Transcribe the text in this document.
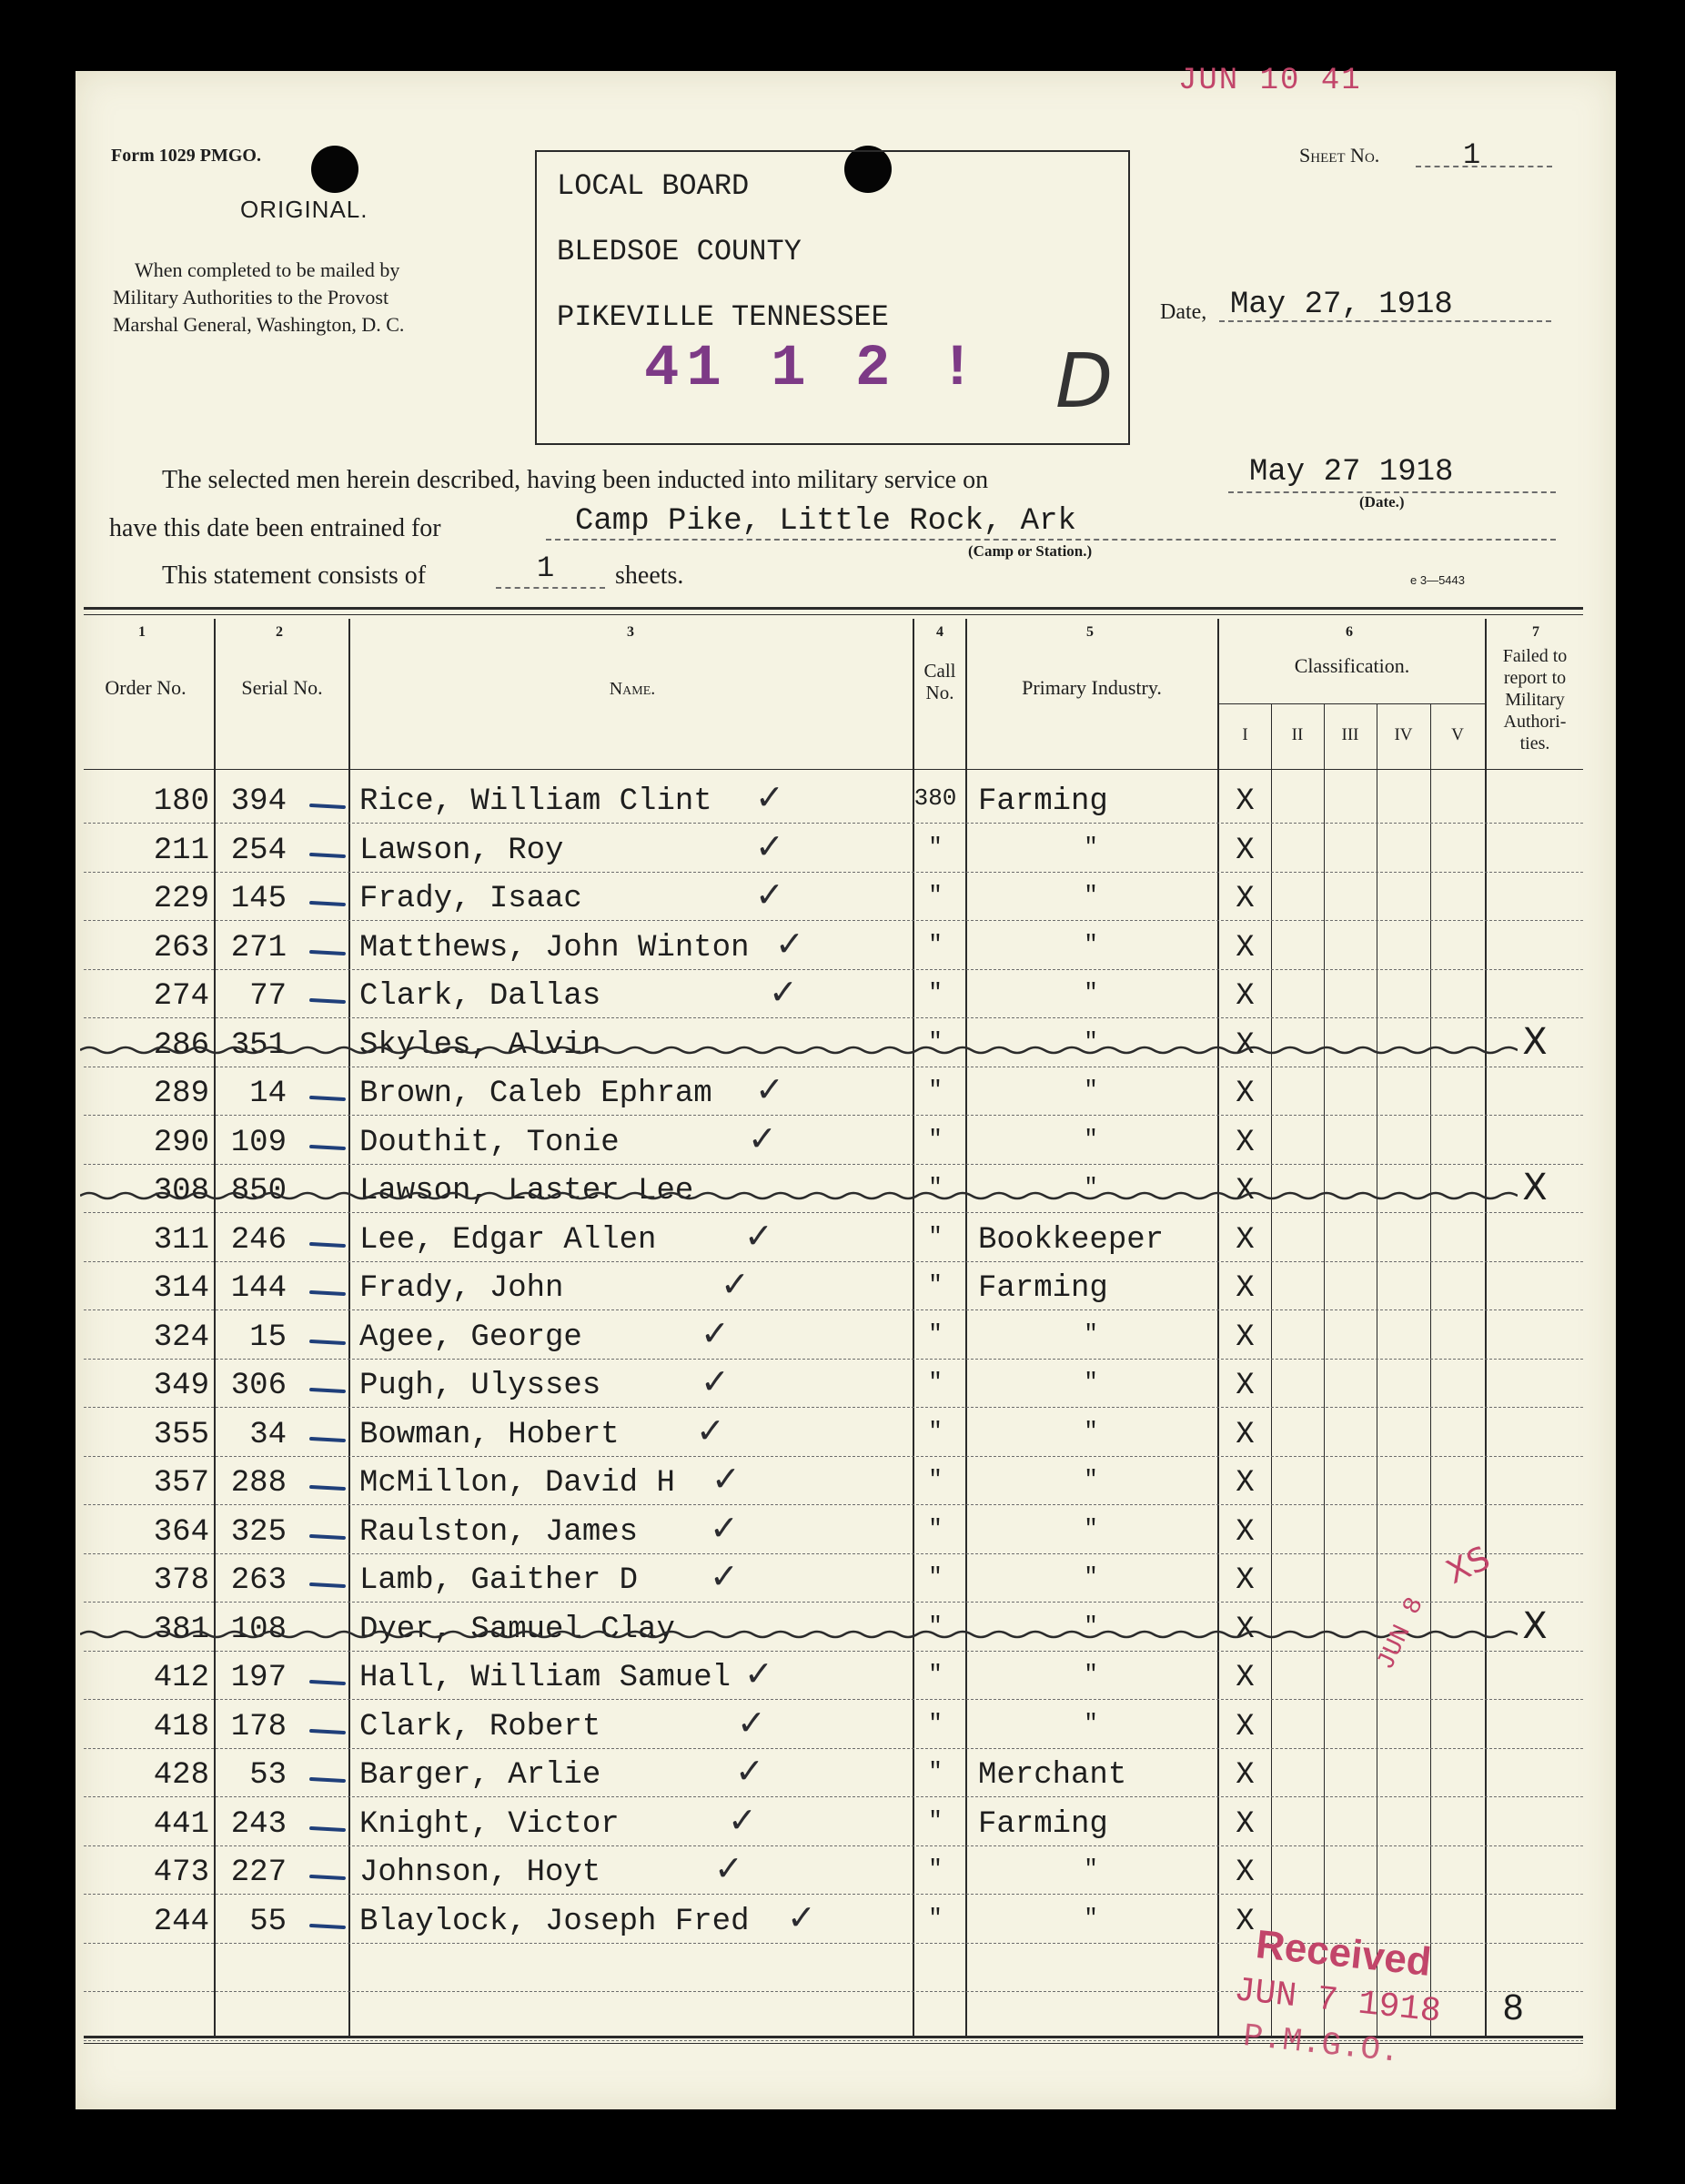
JUN 10 41
Form 1029 PMGO.
ORIGINAL.
When completed to be mailed by
Military Authorities to the Provost
Marshal General, Washington, D. C.
LOCAL BOARD
BLEDSOE COUNTY
PIKEVILLE TENNESSEE
41 1 2 ! D
Sheet No.	1
Date, May 27, 1918
The selected men herein described, having been inducted into military service on	May 27 1918
(Date.)
have this date been entrained for	Camp Pike, Little Rock, Ark
(Camp or Station.)
This statement consists of	1 sheets.	e 3—5443
1	2	3	4	5	6	7
Order No.	Serial No.	Name.
Call
No.	Primary Industry.
Classification.
I	II	III	IV	V
Failed to
report to
Military
Authori-
ties.
180 394 Rice, William Clint	380 Farming	X
✓
211 254 Lawson, Roy	"	"	X
✓
229 145 Frady, Isaac	"	"	X
✓
263 271 Matthews, John Winton	"	"	X
✓
274	77 Clark, Dallas	"	"	X
✓
286 351 Skyles, Alvin	"	"	X	X
289	14 Brown, Caleb Ephram	"	"	X
✓
290 109 Douthit, Tonie	"	"	X
✓
308 850 Lawson, Laster Lee	"	"	X	X
311 246 Lee, Edgar Allen	"	Bookkeeper	X
✓
314 144 Frady, John	"	Farming	X
✓
324	15 Agee, George	"	"	X
✓
349 306 Pugh, Ulysses	"	"	X
✓
355	34 Bowman, Hobert	"	"	X
✓
357 288 McMillon, David H	"	"	X
✓
364 325 Raulston, James	"	"	X
✓
378 263 Lamb, Gaither D	"	"	X
✓
381 108 Dyer, Samuel Clay	"	"	X	X
412 197 Hall, William Samuel	"	"	X
✓
418 178 Clark, Robert	"	"	X
✓
428	53 Barger, Arlie	"	Merchant	X
✓
441 243 Knight, Victor	"	Farming	X
✓
473 227 Johnson, Hoyt	"	"	X
✓
244	55 Blaylock, Joseph Fred	"	"	X
✓
JUN 8
XS
Received
JUN 7 1918
P.M.G.O.
8
